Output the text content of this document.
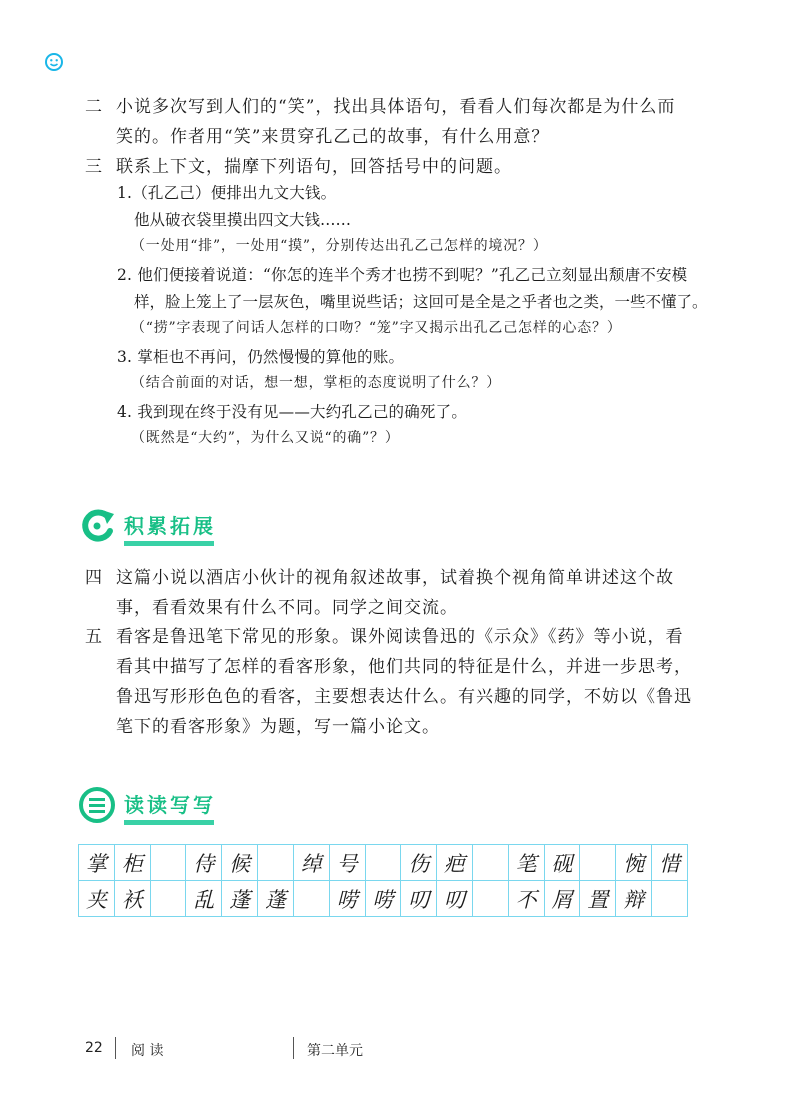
二 小说多次写到人们的“笑”，找出具体语句，看看人们每次都是为什么而
笑的。作者用“笑”来贯穿孔乙己的故事，有什么用意？
三 联系上下文，揣摩下列语句，回答括号中的问题。
1.（孔乙己）便排出九文大钱。
他从破衣袋里摸出四文大钱……
（一处用“排”，一处用“摸”，分别传达出孔乙己怎样的境况？）
2. 他们便接着说道：“你怎的连半个秀才也捞不到呢？”孔乙己立刻显出颓唐不安模
样，脸上笼上了一层灰色，嘴里说些话；这回可是全是之乎者也之类，一些不懂了。
（“捞”字表现了问话人怎样的口吻？“笼”字又揭示出孔乙己怎样的心态？）
3. 掌柜也不再问，仍然慢慢的算他的账。
（结合前面的对话，想一想，掌柜的态度说明了什么？）
4. 我到现在终于没有见——大约孔乙己的确死了。
（既然是“大约”，为什么又说“的确”？）
积累拓展
四 这篇小说以酒店小伙计的视角叙述故事，试着换个视角简单讲述这个故
事，看看效果有什么不同。同学之间交流。
五 看客是鲁迅笔下常见的形象。课外阅读鲁迅的《示众》《药》等小说，看
看其中描写了怎样的看客形象，他们共同的特征是什么，并进一步思考，
鲁迅写形形色色的看客，主要想表达什么。有兴趣的同学，不妨以《鲁迅
笔下的看客形象》为题，写一篇小论文。
读读写写
掌	柜		侍	候		绰	号		伤	疤		笔	砚		惋	惜
夹	袄		乱	蓬	蓬		唠	唠	叨	叨		不	屑	置	辩	
22 阅 读	第二单元
